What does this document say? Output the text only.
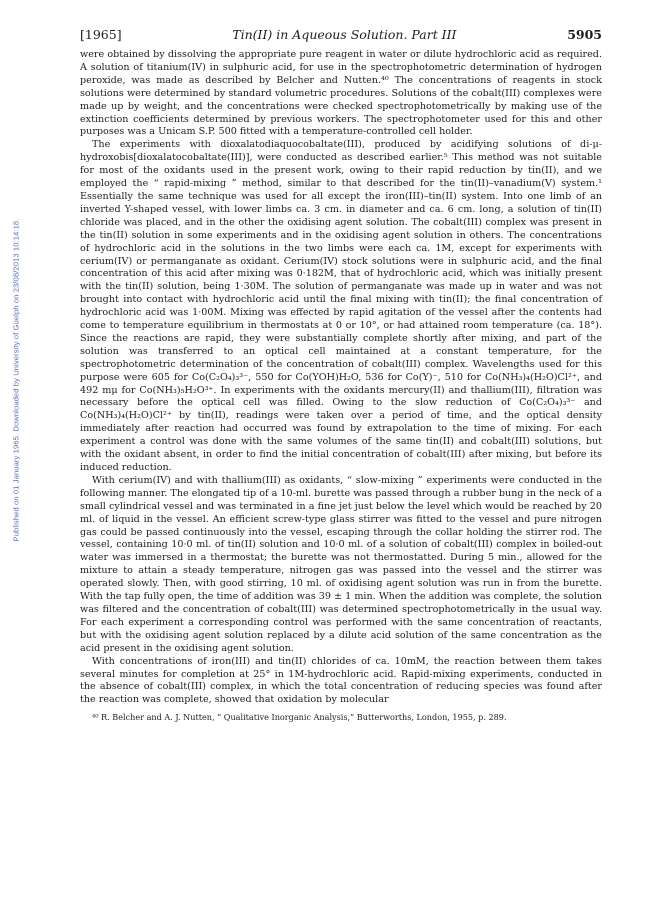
Published on 01 January 1965. Downloaded by University of Guelph on 23/08/2013 10:14:18.
[1965]	Tin(II) in Aqueous Solution. Part III	5905

were obtained by dissolving the appropriate pure reagent in water or dilute hydrochloric acid as required. A solution of titanium(IV) in sulphuric acid, for use in the spectrophotometric determination of hydrogen peroxide, was made as described by Belcher and Nutten.⁴⁰ The concentrations of reagents in stock solutions were determined by standard volumetric procedures. Solutions of the cobalt(III) complexes were made up by weight, and the concentrations were checked spectrophotometrically by making use of the extinction coefficients determined by previous workers. The spectrophotometer used for this and other purposes was a Unicam S.P. 500 fitted with a temperature-controlled cell holder.

The experiments with dioxalatodiaquocobaltate(III), produced by acidifying solutions of di-μ-hydroxobis[dioxalatocobaltate(III)], were conducted as described earlier.⁵ This method was not suitable for most of the oxidants used in the present work, owing to their rapid reduction by tin(II), and we employed the “ rapid-mixing ” method, similar to that described for the tin(II)–vanadium(V) system.¹ Essentially the same technique was used for all except the iron(III)–tin(II) system. Into one limb of an inverted Y-shaped vessel, with lower limbs ca. 3 cm. in diameter and ca. 6 cm. long, a solution of tin(II) chloride was placed, and in the other the oxidising agent solution. The cobalt(III) complex was present in the tin(II) solution in some experiments and in the oxidising agent solution in others. The concentrations of hydrochloric acid in the solutions in the two limbs were each ca. 1M, except for experiments with cerium(IV) or permanganate as oxidant. Cerium(IV) stock solutions were in sulphuric acid, and the final concentration of this acid after mixing was 0·182M, that of hydrochloric acid, which was initially present with the tin(II) solution, being 1·30M. The solution of permanganate was made up in water and was not brought into contact with hydrochloric acid until the final mixing with tin(II); the final concentration of hydrochloric acid was 1·00M. Mixing was effected by rapid agitation of the vessel after the contents had come to temperature equilibrium in thermostats at 0 or 10°, or had attained room temperature (ca. 18°). Since the reactions are rapid, they were substantially complete shortly after mixing, and part of the solution was transferred to an optical cell maintained at a constant temperature, for the spectrophotometric determination of the concentration of cobalt(III) complex. Wavelengths used for this purpose were 605 for Co(C₂O₄)₃³⁻, 550 for Co(YOH)H₂O, 536 for Co(Y)⁻, 510 for Co(NH₃)₄(H₂O)Cl²⁺, and 492 mμ for Co(NH₃)₅H₂O³⁺. In experiments with the oxidants mercury(II) and thallium(III), filtration was necessary before the optical cell was filled. Owing to the slow reduction of Co(C₂O₄)₃³⁻ and Co(NH₃)₄(H₂O)Cl²⁺ by tin(II), readings were taken over a period of time, and the optical density immediately after reaction had occurred was found by extrapolation to the time of mixing. For each experiment a control was done with the same volumes of the same tin(II) and cobalt(III) solutions, but with the oxidant absent, in order to find the initial concentration of cobalt(III) after mixing, but before its induced reduction.

With cerium(IV) and with thallium(III) as oxidants, “ slow-mixing ” experiments were conducted in the following manner. The elongated tip of a 10-ml. burette was passed through a rubber bung in the neck of a small cylindrical vessel and was terminated in a fine jet just below the level which would be reached by 20 ml. of liquid in the vessel. An efficient screw-type glass stirrer was fitted to the vessel and pure nitrogen gas could be passed continuously into the vessel, escaping through the collar holding the stirrer rod. The vessel, containing 10·0 ml. of tin(II) solution and 10·0 ml. of a solution of cobalt(III) complex in boiled-out water was immersed in a thermostat; the burette was not thermostatted. During 5 min., allowed for the mixture to attain a steady temperature, nitrogen gas was passed into the vessel and the stirrer was operated slowly. Then, with good stirring, 10 ml. of oxidising agent solution was run in from the burette. With the tap fully open, the time of addition was 39 ± 1 min. When the addition was complete, the solution was filtered and the concentration of cobalt(III) was determined spectrophotometrically in the usual way. For each experiment a corresponding control was performed with the same concentration of reactants, but with the oxidising agent solution replaced by a dilute acid solution of the same concentration as the acid present in the oxidising agent solution.

With concentrations of iron(III) and tin(II) chlorides of ca. 10mM, the reaction between them takes several minutes for completion at 25° in 1M-hydrochloric acid. Rapid-mixing experiments, conducted in the absence of cobalt(III) complex, in which the total concentration of reducing species was found after the reaction was complete, showed that oxidation by molecular

⁴⁰ R. Belcher and A. J. Nutten, “ Qualitative Inorganic Analysis,” Butterworths, London, 1955, p. 289.
